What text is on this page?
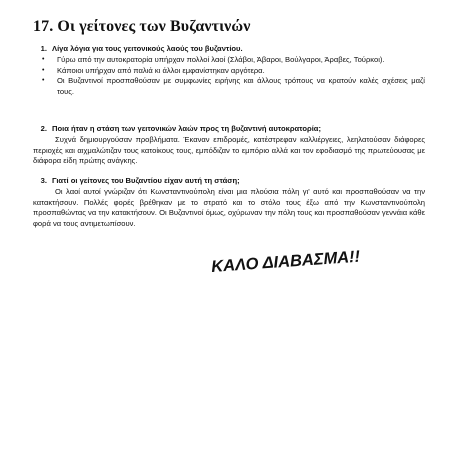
17. Οι γείτονες των Βυζαντινών
1. Λίγα λόγια για τους γειτονικούς λαούς του βυζαντίου.
• Γύρω από την αυτοκρατορία υπήρχαν πολλοί λαοί (Σλάβοι, Άβαροι, Βούλγαροι, Άραβες, Τούρκοι).
• Κάποιοι υπήρχαν από παλιά κι άλλοι εμφανίστηκαν αργότερα.
• Οι Βυζαντινοί προσπαθούσαν με συμφωνίες ειρήνης και άλλους τρόπους να κρατούν καλές σχέσεις μαζί τους.
2. Ποια ήταν η στάση των γειτονικών λαών προς τη βυζαντινή αυτοκρατορία;
Συχνά δημιουργούσαν προβλήματα. Έκαναν επιδρομές, κατέστρεφαν καλλιέργειες, λεηλατούσαν διάφορες περιοχές και αιχμαλώτιζαν τους κατοίκους τους, εμπόδιζαν το εμπόριο αλλά και τον εφοδιασμό της πρωτεύουσας με διάφορα είδη πρώτης ανάγκης.
3. Γιατί οι γείτονες του Βυζαντίου είχαν αυτή τη στάση;
Οι λαοί αυτοί γνώριζαν ότι Κωνσταντινούπολη είναι μια πλούσια πόλη γι' αυτό και προσπαθούσαν να την κατακτήσουν. Πολλές φορές βρέθηκαν με το στρατό και το στόλο τους έξω από την Κωνσταντινούπολη προσπαθώντας να την κατακτήσουν. Οι Βυζαντινοί όμως, οχύρωναν την πόλη τους και προσπαθούσαν γεννάια κάθε φορά να τους αντιμετωπίσουν.
ΚΑΛΟ ΔΙΑΒΑΣΜΑ!!
